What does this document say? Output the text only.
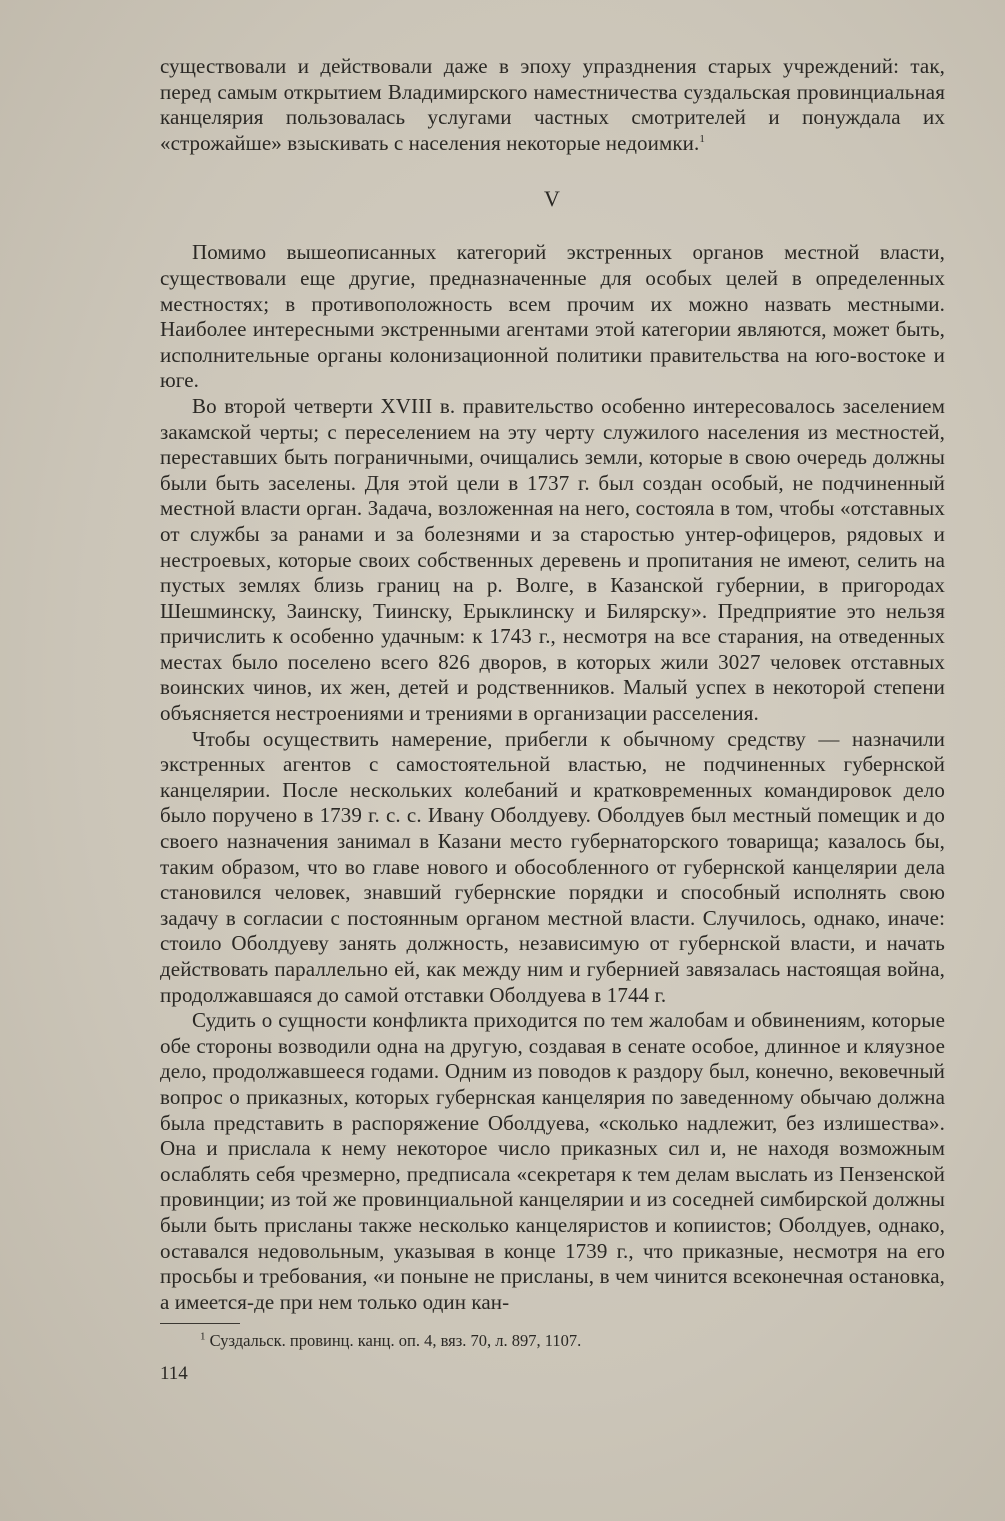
существовали и действовали даже в эпоху упразднения старых учреждений: так, перед самым открытием Владимирского наместничества суздальская провинциальная канцелярия пользовалась услугами частных смотрителей и понуждала их «строжайше» взыскивать с населения некоторые недоимки.$^1$

V

Помимо вышеописанных категорий экстренных органов местной власти, существовали еще другие, предназначенные для особых целей в определенных местностях; в противоположность всем прочим их можно назвать местными. Наиболее интересными экстренными агентами этой категории являются, может быть, исполнительные органы колонизационной политики правительства на юго-востоке и юге.

Во второй четверти XVIII в. правительство особенно интересовалось заселением закамской черты; с переселением на эту черту служилого населения из местностей, переставших быть пограничными, очищались земли, которые в свою очередь должны были быть заселены. Для этой цели в 1737 г. был создан особый, не подчиненный местной власти орган. Задача, возложенная на него, состояла в том, чтобы «отставных от службы за ранами и за болезнями и за старостью унтер-офицеров, рядовых и нестроевых, которые своих собственных деревень и пропитания не имеют, селить на пустых землях близь границ на р. Волге, в Казанской губернии, в пригородах Шешминску, Заинску, Тиинску, Ерыклинску и Билярску». Предприятие это нельзя причислить к особенно удачным: к 1743 г., несмотря на все старания, на отведенных местах было поселено всего 826 дворов, в которых жили 3027 человек отставных воинских чинов, их жен, детей и родственников. Малый успех в некоторой степени объясняется нестроениями и трениями в организации расселения.

Чтобы осуществить намерение, прибегли к обычному средству — назначили экстренных агентов с самостоятельной властью, не подчиненных губернской канцелярии. После нескольких колебаний и кратковременных командировок дело было поручено в 1739 г. с. с. Ивану Оболдуеву. Оболдуев был местный помещик и до своего назначения занимал в Казани место губернаторского товарища; казалось бы, таким образом, что во главе нового и обособленного от губернской канцелярии дела становился человек, знавший губернские порядки и способный исполнять свою задачу в согласии с постоянным органом местной власти. Случилось, однако, иначе: стоило Оболдуеву занять должность, независимую от губернской власти, и начать действовать параллельно ей, как между ним и губернией завязалась настоящая война, продолжавшаяся до самой отставки Оболдуева в 1744 г.

Судить о сущности конфликта приходится по тем жалобам и обвинениям, которые обе стороны возводили одна на другую, создавая в сенате особое, длинное и кляузное дело, продолжавшееся годами. Одним из поводов к раздору был, конечно, вековечный вопрос о приказных, которых губернская канцелярия по заведенному обычаю должна была представить в распоряжение Оболдуева, «сколько надлежит, без излишества». Она и прислала к нему некоторое число приказных сил и, не находя возможным ослаблять себя чрезмерно, предписала «секретаря к тем делам выслать из Пензенской провинции; из той же провинциальной канцелярии и из соседней симбирской должны были быть присланы также несколько канцеляристов и копиистов; Оболдуев, однако, оставался недовольным, указывая в конце 1739 г., что приказные, несмотря на его просьбы и требования, «и поныне не присланы, в чем чинится всеконечная остановка, а имеется-де при нем только один кан-

$^1$ Суздальск. провинц. канц. оп. 4, вяз. 70, л. 897, 1107.

114
